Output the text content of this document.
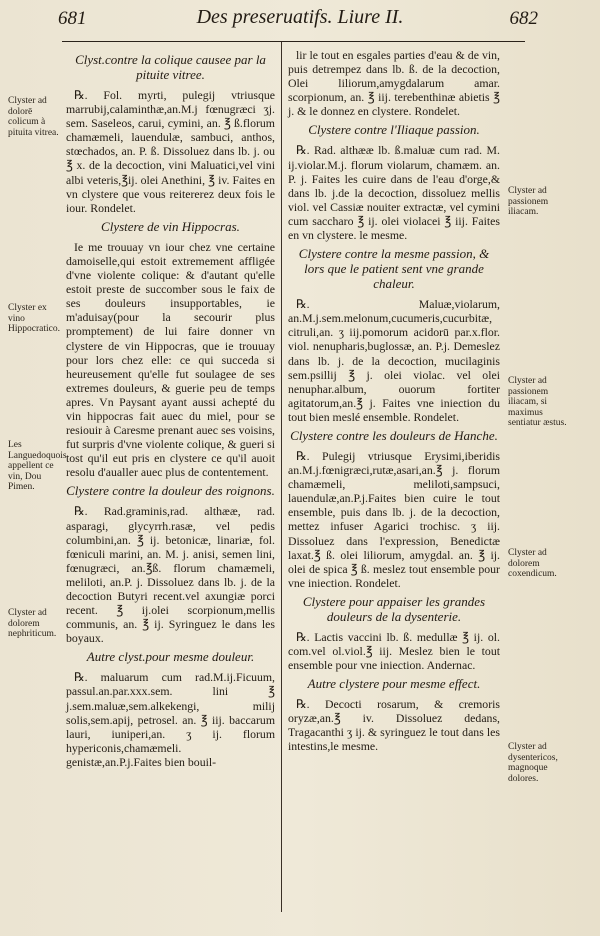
681	Des preseruatifs. Liure II.	682
Clyst.contre la colique causee par la pituite vitree.
℞. Fol. myrti, pulegij vtriusque marrubij,calaminthæ,an.M.j fœnugræci ʒj. sem. Saseleos, carui, cymini, an. ℥ ß.florum chamæmeli, lauendulæ, sambuci, anthos, stœchados, an. P. ß. Dissoluez dans lb. j. ou ℥ x. de la decoction, vini Maluatici,vel vini albi veteris,℥ij. olei Anethini, ℥ iv. Faites en vn clystere que vous reitererez deux fois le iour. Rondelet.
Clystere de vin Hippocras.
Ie me trouuay vn iour chez vne certaine damoiselle,qui estoit extremement affligée d'vne violente colique: & d'autant qu'elle estoit preste de succomber sous le faix de ses douleurs insupportables, ie m'aduisay(pour la secourir plus promptement) de lui faire donner vn clystere de vin Hippocras, que ie trouuay pour lors chez elle: ce qui succeda si heureusement qu'elle fut soulagee de ses extremes douleurs, & guerie peu de temps apres. Vn Paysant ayant aussi achepté du vin hippocras fait auec du miel, pour se resiouir à Caresme prenant auec ses voisins, fut surpris d'vne violente colique, & gueri si tost qu'il eut pris en clystere ce qu'il auoit resolu d'aualler auec plus de contentement.
Clystere contre la douleur des roignons.
℞. Rad.graminis,rad. althææ, rad. asparagi, glycyrrh.rasæ, vel pedis columbini,an. ℥ ij. betonicæ, linariæ, fol. fœniculi marini, an. M. j. anisi, semen lini, fœnugræci, an.℥ß. florum chamæmeli, meliloti, an.P. j. Dissoluez dans lb. j. de la decoction Butyri recent.vel axungiæ porci recent. ℥ ij.olei scorpionum,mellis communis, an. ℥ ij. Syringuez le dans les boyaux.
Autre clyst.pour mesme douleur.
℞. maluarum cum rad.M.ij.Ficuum, passul.an.par.xxx.sem. lini ℥ j.sem.maluæ,sem.alkekengi, milij solis,sem.apij, petrosel. an. ℥ iij. baccarum lauri, iuniperi,an. ʒ ij. florum hypericonis,chamæmeli. genistæ,an.P.j.Faites bien bouil-
lir le tout en esgales parties d'eau & de vin, puis detrempez dans lb. ß. de la decoction, Olei liliorum,amygdalarum amar. scorpionum, an. ℥ iij. terebenthinæ abietis ℥ j. & le donnez en clystere. Rondelet.
Clystere contre l'Iliaque passion.
℞. Rad. althææ lb. ß.maluæ cum rad. M. ij.violar.M.j. florum violarum, chamæm. an. P. j. Faites les cuire dans de l'eau d'orge,& dans lb. j.de la decoction, dissoluez mellis viol. vel Cassiæ nouiter extractæ, vel cymini cum saccharo ℥ ij. olei violacei ℥ iij. Faites en vn clystere. le mesme.
Clystere contre la mesme passion, & lors que le patient sent vne grande chaleur.
℞. Maluæ,violarum, an.M.j.sem.melonum,cucumeris,cucurbitæ, citruli,an. ʒ iij.pomorum acidorū par.x.flor. viol. nenupharis,buglossæ, an. P.j. Demeslez dans lb. j. de la decoction, mucilaginis sem.psillij ℥ j. olei violac. vel olei nenuphar.album, ouorum fortiter agitatorum,an.℥ j. Faites vne iniection du tout bien meslé ensemble. Rondelet.
Clystere contre les douleurs de Hanche.
℞. Pulegij vtriusque Erysimi,iberidis an.M.j.fœnigræci,rutæ,asari,an.℥ j. florum chamæmeli, meliloti,sampsuci, lauendulæ,an.P.j.Faites bien cuire le tout ensemble, puis dans lb. j. de la decoction, mettez infuser Agarici trochisc. ʒ iij. Dissoluez dans l'expression, Benedictæ laxat.℥ ß. olei liliorum, amygdal. an. ℥ ij. olei de spica ℥ ß. meslez tout ensemble pour vne iniection. Rondelet.
Clystere pour appaiser les grandes douleurs de la dysenterie.
℞. Lactis vaccini lb. ß. medullæ ℥ ij. ol. com.vel ol.viol.℥ iij. Meslez bien le tout ensemble pour vne iniection. Andernac.
Autre clystere pour mesme effect.
℞. Decocti rosarum, & cremoris oryzæ,an.℥ iv. Dissoluez dedans, Tragacanthi ʒ ij. & syringuez le tout dans les intestins,le mesme.
Clyster ad dolorē colicum à pituita vitrea.
Clyster ex vino Hippocratico.
Les Languedoquois appellent ce vin, Dou Pimen.
Clyster ad dolorem nephriticum.
Clyster ad passionem iliacam.
Clyster ad passionem iliacam, si maximus sentiatur æstus.
Clyster ad dolorem coxendicum.
Clyster ad dysentericos, magnoque dolores.
